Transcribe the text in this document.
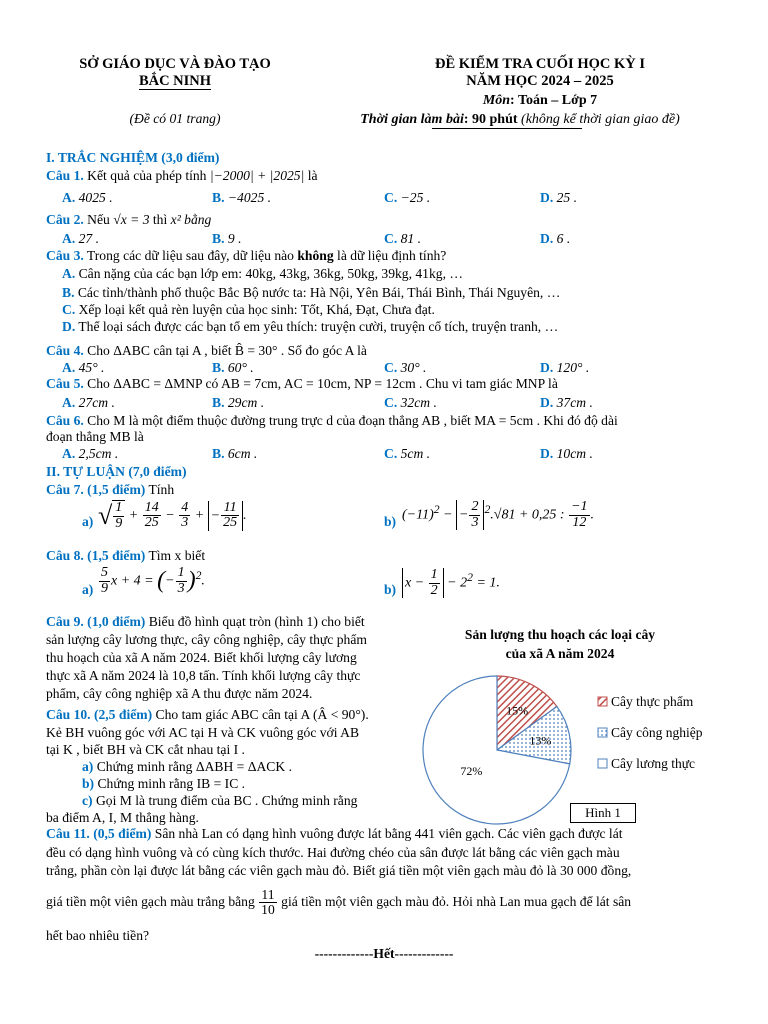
SỞ GIÁO DỤC VÀ ĐÀO TẠO
BẮC NINH
(Đề có 01 trang)
ĐỀ KIỂM TRA CUỐI HỌC KỲ I
NĂM HỌC 2024 – 2025
Môn: Toán – Lớp 7
Thời gian làm bài: 90 phút (không kể thời gian giao đề)
I. TRẮC NGHIỆM (3,0 điểm)
Câu 1. Kết quả của phép tính |−2000| + |2025| là
A. 4025 .	B. −4025 .	C. −25 .	D. 25 .
Câu 2. Nếu √x = 3 thì x² bằng
A. 27 .	B. 9 .	C. 81 .	D. 6 .
Câu 3. Trong các dữ liệu sau đây, dữ liệu nào không là dữ liệu định tính?
A. Cân nặng của các bạn lớp em: 40kg, 43kg, 36kg, 50kg, 39kg, 41kg, …
B. Các tỉnh/thành phố thuộc Bắc Bộ nước ta: Hà Nội, Yên Bái, Thái Bình, Thái Nguyên, …
C. Xếp loại kết quả rèn luyện của học sinh: Tốt, Khá, Đạt, Chưa đạt.
D. Thể loại sách được các bạn tổ em yêu thích: truyện cười, truyện cổ tích, truyện tranh, …
Câu 4. Cho ΔABC cân tại A , biết B̂ = 30° . Số đo góc A là
A. 45° .	B. 60° .	C. 30° .	D. 120° .
Câu 5. Cho ΔABC = ΔMNP có AB = 7cm, AC = 10cm, NP = 12cm . Chu vi tam giác MNP là
A. 27cm .	B. 29cm .	C. 32cm .	D. 37cm .
Câu 6. Cho M là một điểm thuộc đường trung trực d của đoạn thẳng AB , biết MA = 5cm . Khi đó độ dài
đoạn thẳng MB là
A. 2,5cm .	B. 6cm .	C. 5cm .	D. 10cm .
II. TỰ LUẬN (7,0 điểm)
Câu 7. (1,5 điểm) Tính
a) √ $\frac{1}{9} + \frac{14}{25} - \frac{4}{3}$ + − $\frac{11}{25}$ .	b) $(-11)^2$ − − $\frac{2}{3} ^2.√81 + 0,25$ : $\frac{-1}{12}$ .
Câu 8. (1,5 điểm) Tìm x biết
$a) \frac{5}{9}$ x + 4 = (− $\frac{1}{3} )^2$.
b) $x - \frac{1}{2} - 2^2 = 1$.
Câu 9. (1,0 điểm) Biểu đồ hình quạt tròn (hình 1) cho biết
sản lượng cây lương thực, cây công nghiệp, cây thực phẩm
thu hoạch của xã A năm 2024. Biết khối lượng cây lương
thực xã A năm 2024 là 10,8 tấn. Tính khối lượng cây thực
phẩm, cây công nghiệp xã A thu được năm 2024.
Câu 10. (2,5 điểm) Cho tam giác ABC cân tại A (Â < 90°).
Kẻ BH vuông góc với AC tại H và CK vuông góc với AB
tại K , biết BH và CK cắt nhau tại I .
a) Chứng minh rằng ΔABH = ΔACK .
b) Chứng minh rằng IB = IC .
c) Gọi M là trung điểm của BC . Chứng minh rằng
ba điểm A, I, M thẳng hàng.
Sản lượng thu hoạch các loại cây
của xã A năm 2024
15%
13%
72%
Cây thực phẩm
Cây công nghiệp
Cây lương thực
Hình 1
Câu 11. (0,5 điểm) Sân nhà Lan có dạng hình vuông được lát bằng 441 viên gạch. Các viên gạch được lát
đều có dạng hình vuông và có cùng kích thước. Hai đường chéo của sân được lát bằng các viên gạch màu
trắng, phần còn lại được lát bằng các viên gạch màu đỏ. Biết giá tiền một viên gạch màu đỏ là 30 000 đồng,
giá tiền một viên gạch màu trắng bằng $\frac{11}{10}$ giá tiền một viên gạch màu đỏ. Hỏi nhà Lan mua gạch để lát sân
hết bao nhiêu tiền?
-------------Hết-------------
